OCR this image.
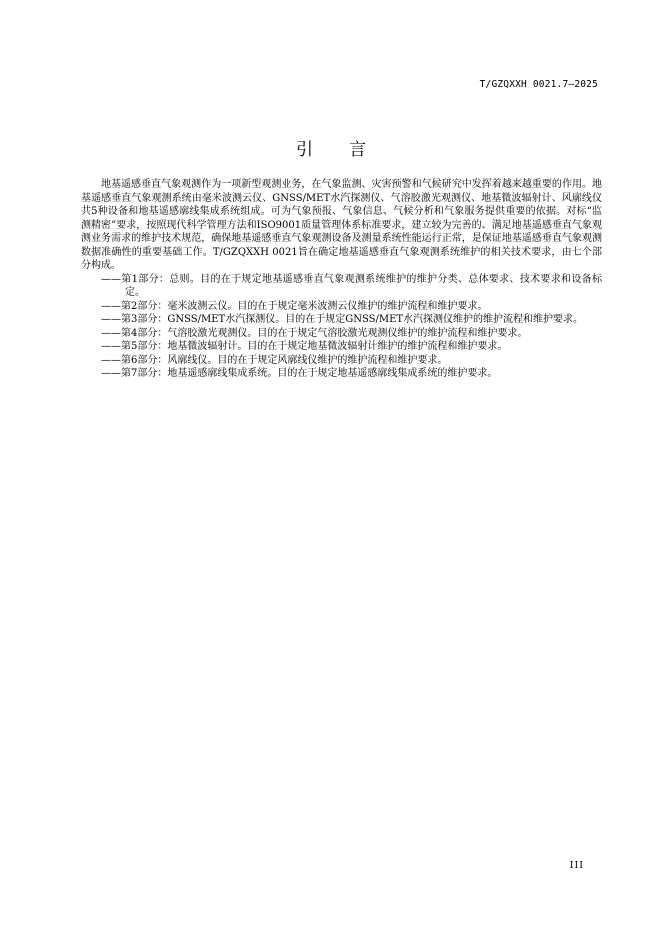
T/GZQXXH 0021.7—2025
引言

地基遥感垂直气象观测作为一项新型观测业务，在气象监测、灾害预警和气候研究中发挥着越来越重要的作用。地基遥感垂直气象观测系统由毫米波测云仪、GNSS/MET水汽探测仪、气溶胶激光观测仪、地基微波辐射计、风廓线仪共5种设备和地基遥感廓线集成系统组成。可为气象预报、气象信息、气候分析和气象服务提供重要的依据。对标“监测精密”要求，按照现代科学管理方法和ISO9001质量管理体系标准要求，建立较为完善的、满足地基遥感垂直气象观测业务需求的维护技术规范，确保地基遥感垂直气象观测设备及测量系统性能运行正常，是保证地基遥感垂直气象观测数据准确性的重要基础工作。T/GZQXXH 0021旨在确定地基遥感垂直气象观测系统维护的相关技术要求，由七个部分构成。

——第1部分：总则。目的在于规定地基遥感垂直气象观测系统维护的维护分类、总体要求、技术要求和设备标定。

——第2部分：毫米波测云仪。目的在于规定毫米波测云仪维护的维护流程和维护要求。

——第3部分：GNSS/MET水汽探测仪。目的在于规定GNSS/MET水汽探测仪维护的维护流程和维护要求。

——第4部分：气溶胶激光观测仪。目的在于规定气溶胶激光观测仪维护的维护流程和维护要求。

——第5部分：地基微波辐射计。目的在于规定地基微波辐射计维护的维护流程和维护要求。

——第6部分：风廓线仪。目的在于规定风廓线仪维护的维护流程和维护要求。

——第7部分：地基遥感廓线集成系统。目的在于规定地基遥感廓线集成系统的维护要求。

III
